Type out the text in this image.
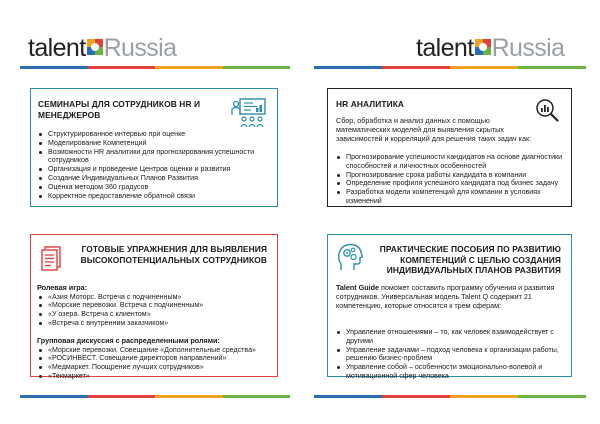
talent Russia	talent Russia
СЕМИНАРЫ ДЛЯ СОТРУДНИКОВ HR И МЕНЕДЖЕРОВ
Структурированное интервью при оценке
Моделирование Компетенций
Возможности HR аналитики для прогнозирования успешности сотрудников
Организация и проведение Центров оценки и развития
Создание Индивидуальных Планов Развития
Оценка методом 360 градусов
Корректное предоставление обратной связи
HR АНАЛИТИКА
Сбор, обработка и анализ данных с помощью математических моделей для выявления скрытых зависимостей и корреляций для решения таких задач как:
Прогнозирование успешности кандидатов на основе диагностики способностей и личностных особенностей
Прогнозирование срока работы кандидата в компании
Определение профиля успешного кандидата под бизнес задачу
Разработка модели компетенций для компании в условиях изменений
ГОТОВЫЕ УПРАЖНЕНИЯ ДЛЯ ВЫЯВЛЕНИЯ ВЫСОКОПОТЕНЦИАЛЬНЫХ СОТРУДНИКОВ
Ролевая игра:
«Азия Моторс. Встреча с подчиненным»
«Морские перевозки. Встреча с подчиненным»
«У озера. Встреча с клиентом»
«Встреча с внутренним заказчиком»
Групповая дискуссия с распределенными ролями:
«Морские перевозки. Совещание «Дополнительные средства»
«РОСИНВЕСТ. Совещание директоров направлений»
«Медмаркет. Поощрение лучших сотрудников»
«Текмаркет»
ПРАКТИЧЕСКИЕ ПОСОБИЯ ПО РАЗВИТИЮ КОМПЕТЕНЦИЙ С ЦЕЛЬЮ СОЗДАНИЯ ИНДИВИДУАЛЬНЫХ ПЛАНОВ РАЗВИТИЯ
Talent Guide поможет составить программу обучения и развития сотрудников. Универсальная модель Talent Q содержит 21 компетенцию, которые относятся к трем сферам:
Управление отношениями – то, как человек взаимодействует с другими
Управление задачами – подход человека к организации работы, решению бизнес-проблем
Управление собой – особенности эмоционально-волевой и мотивационной сфер человека
